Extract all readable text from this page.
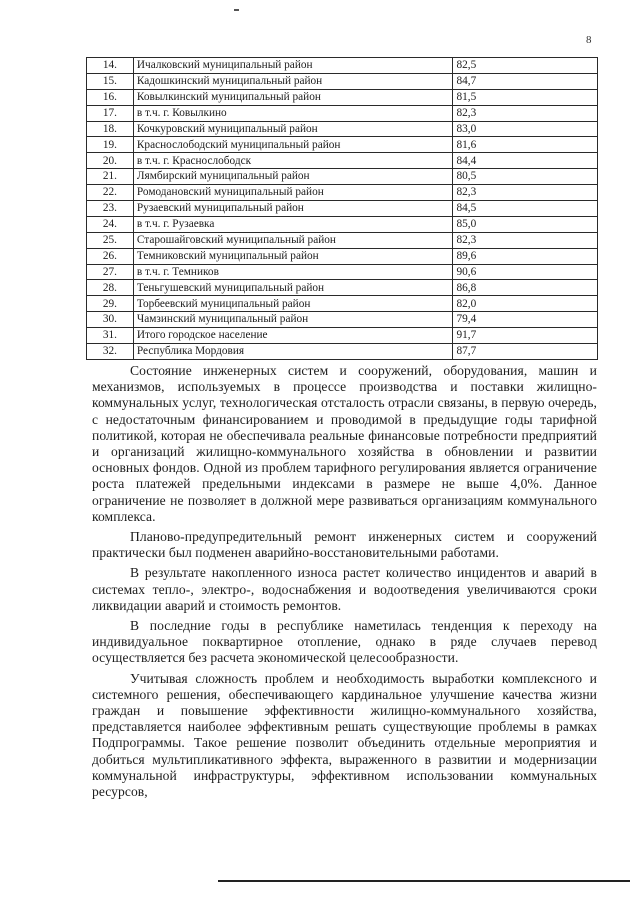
8
14.	Ичалковский муниципальный район	82,5
15.	Кадошкинский муниципальный район	84,7
16.	Ковылкинский муниципальный район	81,5
17.	в т.ч. г. Ковылкино	82,3
18.	Кочкуровский муниципальный район	83,0
19.	Краснослободский муниципальный район	81,6
20.	в т.ч. г. Краснослободск	84,4
21.	Лямбирский муниципальный район	80,5
22.	Ромодановский муниципальный район	82,3
23.	Рузаевский муниципальный район	84,5
24.	в т.ч. г. Рузаевка	85,0
25.	Старошайговский муниципальный район	82,3
26.	Темниковский муниципальный район	89,6
27.	в т.ч. г. Темников	90,6
28.	Теньгушевский муниципальный район	86,8
29.	Торбеевский муниципальный район	82,0
30.	Чамзинский муниципальный район	79,4
31.	Итого городское население	91,7
32.	Республика Мордовия	87,7

Состояние инженерных систем и сооружений, оборудования, машин и механизмов, используемых в процессе производства и поставки жилищно-коммунальных услуг, технологическая отсталость отрасли связаны, в первую очередь, с недостаточным финансированием и проводимой в предыдущие годы тарифной политикой, которая не обеспечивала реальные финансовые потребности предприятий и организаций жилищно-коммунального хозяйства в обновлении и развитии основных фондов. Одной из проблем тарифного регулирования является ограничение роста платежей предельными индексами в размере не выше 4,0%. Данное ограничение не позволяет в должной мере развиваться организациям коммунального комплекса.

Планово-предупредительный ремонт инженерных систем и сооружений практически был подменен аварийно-восстановительными работами.

В результате накопленного износа растет количество инцидентов и аварий в системах тепло-, электро-, водоснабжения и водоотведения увеличиваются сроки ликвидации аварий и стоимость ремонтов.

В последние годы в республике наметилась тенденция к переходу на индивидуальное поквартирное отопление, однако в ряде случаев перевод осуществляется без расчета экономической целесообразности.

Учитывая сложность проблем и необходимость выработки комплексного и системного решения, обеспечивающего кардинальное улучшение качества жизни граждан и повышение эффективности жилищно-коммунального хозяйства, представляется наиболее эффективным решать существующие проблемы в рамках Подпрограммы. Такое решение позволит объединить отдельные мероприятия и добиться мультипликативного эффекта, выраженного в развитии и модернизации коммунальной инфраструктуры, эффективном использовании коммунальных ресурсов,
